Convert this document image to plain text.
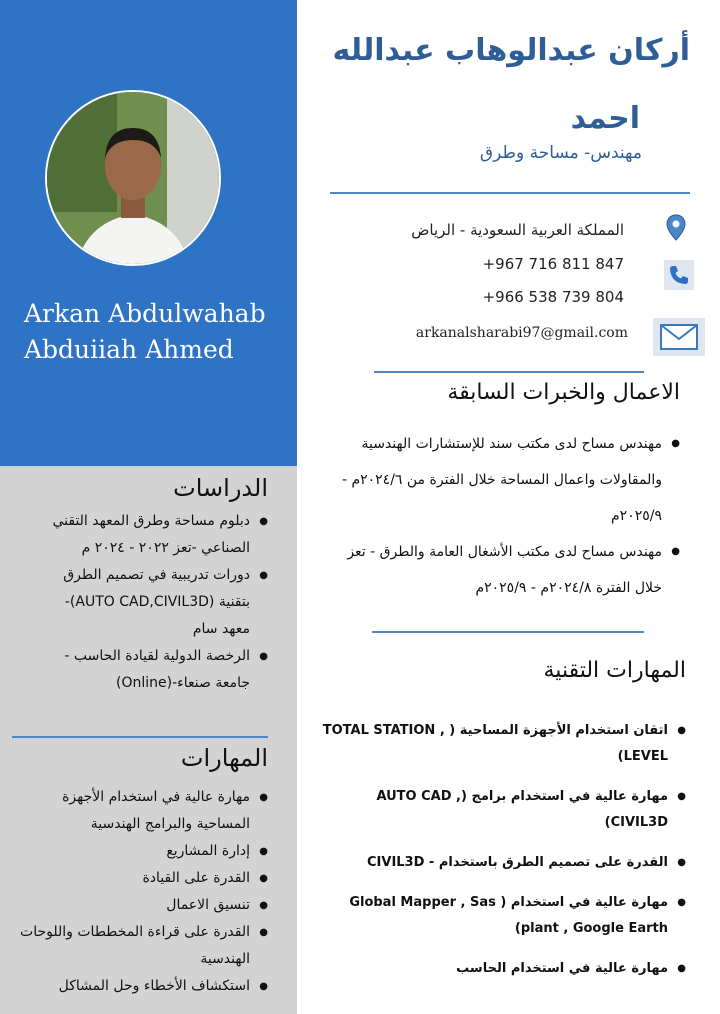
Arkan Abdulwahab
Abduiiah Ahmed
أركان عبدالوهاب عبدالله
احمد
مهندس- مساحة وطرق
المملكة العربية السعودية - الرياض
+967 716 811 847
+966 538 739 804
arkanalsharabi97@gmail.com
الاعمال والخبرات السابقة
● مهندس مساح لدى مكتب سند للإستشارات الهندسية والمقاولات واعمال المساحة خلال الفترة من ٢٠٢٤/٦م - ٢٠٢٥/٩م
● مهندس مساح لدى مكتب الأشغال العامة والطرق - تعز خلال الفترة ٢٠٢٤/٨م - ٢٠٢٥/٩م
المهارات التقنية
● اتقان استخدام الأجهزة المساحية ( TOTAL STATION , LEVEL)
● مهارة عالية في استخدام برامج (AUTO CAD , CIVIL3D)
● القدرة على تصميم الطرق باستخدام - CIVIL3D
● مهارة عالية في استخدام ( Global Mapper , Sas plant , Google Earth)
● مهارة عالية في استخدام الحاسب
الدراسات
● دبلوم مساحة وطرق المعهد التقني الصناعي -تعز ٢٠٢٢ - ٢٠٢٤ م
● دورات تدريبية في تصميم الطرق بتقنية (AUTO CAD,CIVIL3D)- معهد سام
● الرخصة الدولية لقيادة الحاسب - جامعة صنعاء-(Online)
المهارات
● مهارة عالية في استخدام الأجهزة المساحية والبرامج الهندسية
● إدارة المشاريع
● القدرة على القيادة
● تنسيق الاعمال
● القدرة على قراءة المخططات واللوحات الهندسية
● استكشاف الأخطاء وحل المشاكل
